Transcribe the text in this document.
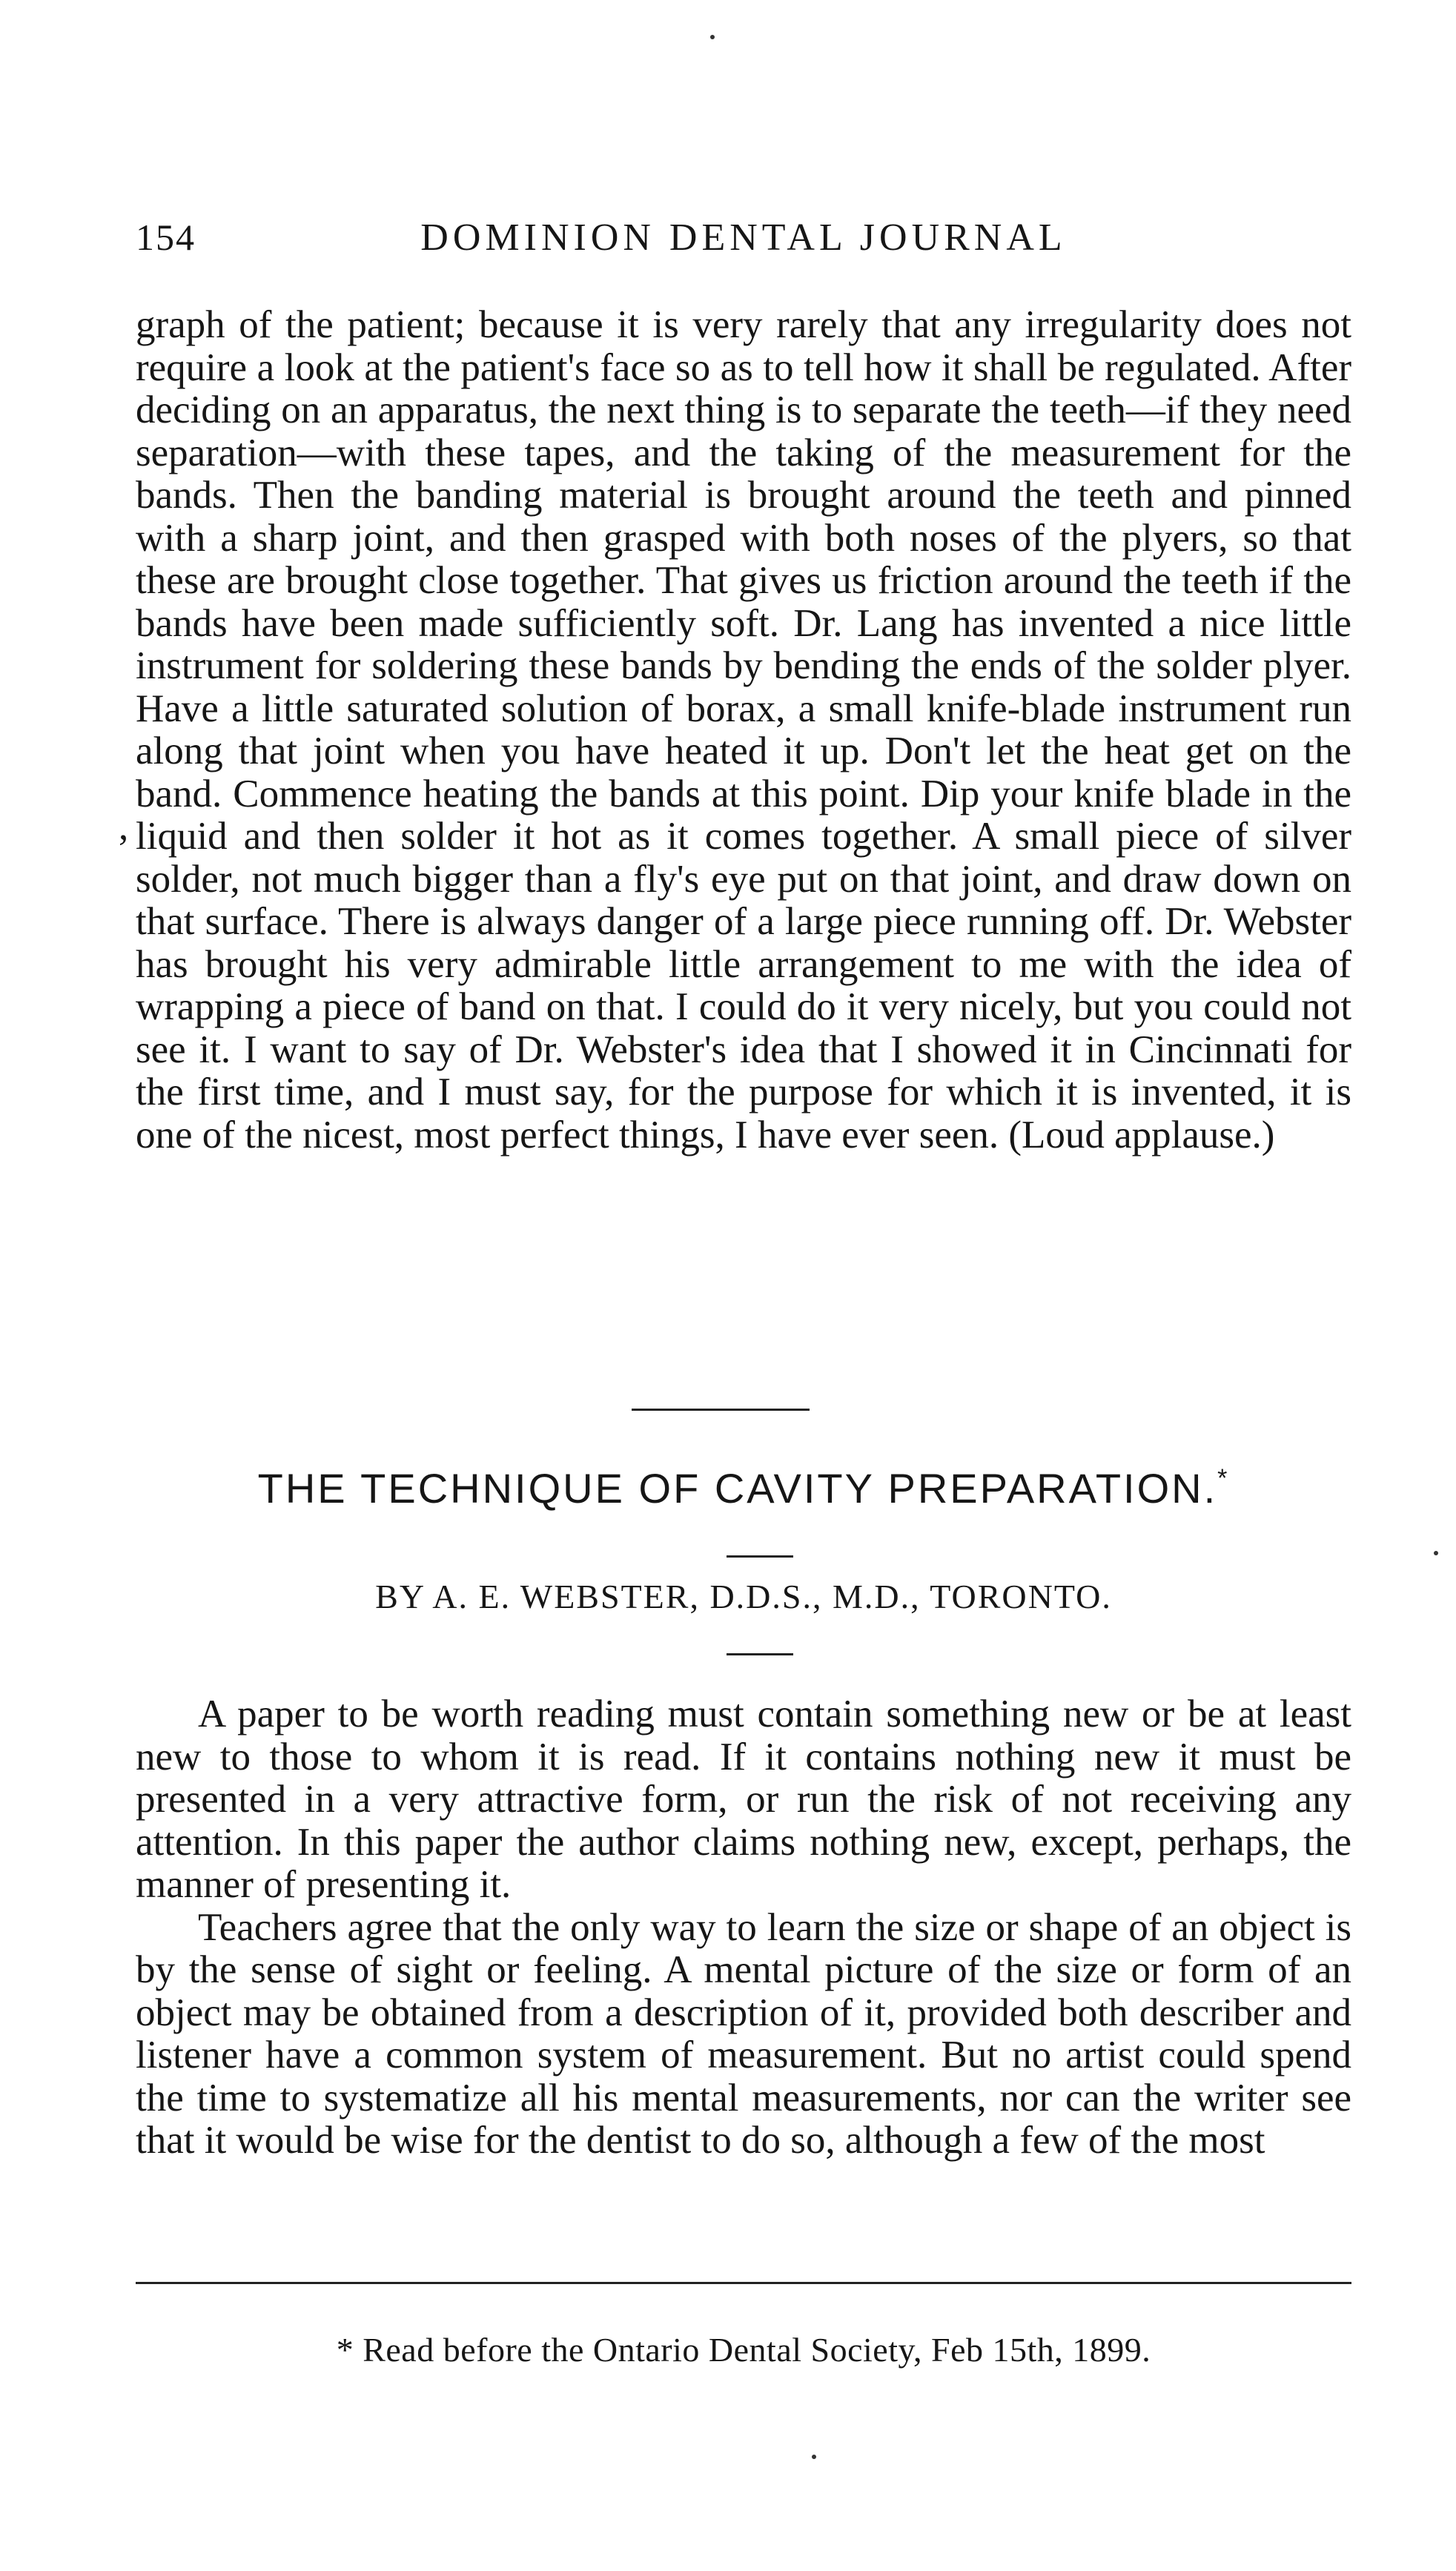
154	DOMINION DENTAL JOURNAL
,
graph of the patient; because it is very rarely that any irregularity does not require a look at the patient's face so as to tell how it shall be regulated. After deciding on an apparatus, the next thing is to separate the teeth—if they need separation—with these tapes, and the taking of the measurement for the bands. Then the banding material is brought around the teeth and pinned with a sharp joint, and then grasped with both noses of the plyers, so that these are brought close together. That gives us friction around the teeth if the bands have been made sufficiently soft. Dr. Lang has invented a nice little instrument for soldering these bands by bending the ends of the solder plyer. Have a little saturated solution of borax, a small knife-blade instrument run along that joint when you have heated it up. Don't let the heat get on the band. Commence heating the bands at this point. Dip your knife blade in the liquid and then solder it hot as it comes together. A small piece of silver solder, not much bigger than a fly's eye put on that joint, and draw down on that surface. There is always danger of a large piece running off. Dr. Webster has brought his very admirable little arrangement to me with the idea of wrapping a piece of band on that. I could do it very nicely, but you could not see it. I want to say of Dr. Webster's idea that I showed it in Cincinnati for the first time, and I must say, for the purpose for which it is invented, it is one of the nicest, most perfect things, I have ever seen. (Loud applause.)
THE TECHNIQUE OF CAVITY PREPARATION.*
BY A. E. WEBSTER, D.D.S., M.D., TORONTO.

A paper to be worth reading must contain something new or be at least new to those to whom it is read. If it contains nothing new it must be presented in a very attractive form, or run the risk of not receiving any attention. In this paper the author claims nothing new, except, perhaps, the manner of presenting it.

Teachers agree that the only way to learn the size or shape of an object is by the sense of sight or feeling. A mental picture of the size or form of an object may be obtained from a description of it, provided both describer and listener have a common system of measurement. But no artist could spend the time to systematize all his mental measurements, nor can the writer see that it would be wise for the dentist to do so, although a few of the most

* Read before the Ontario Dental Society, Feb 15th, 1899.
